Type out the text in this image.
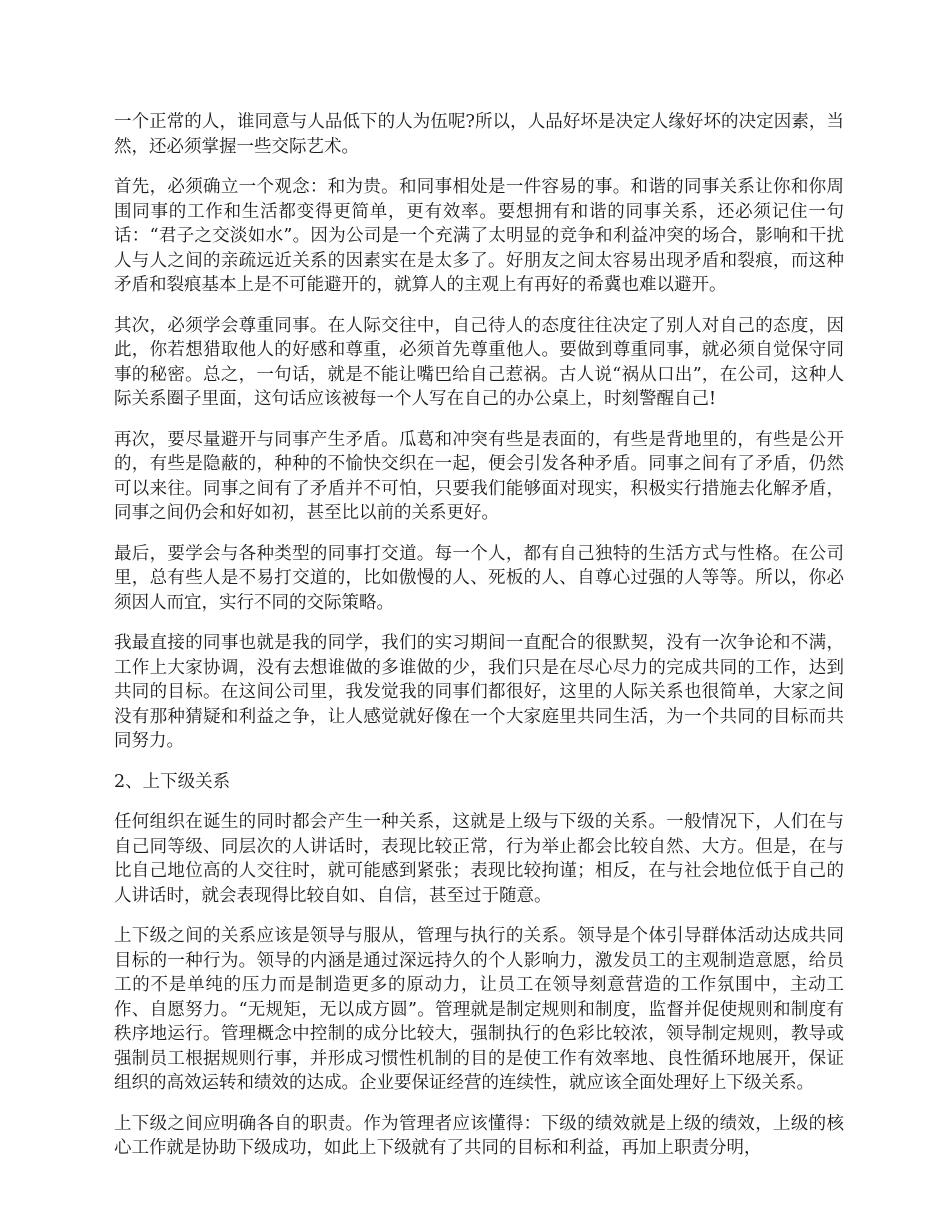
一个正常的人，谁同意与人品低下的人为伍呢?所以，人品好坏是决定人缘好坏的决定因素，当然，还必须掌握一些交际艺术。

首先，必须确立一个观念：和为贵。和同事相处是一件容易的事。和谐的同事关系让你和你周围同事的工作和生活都变得更简单，更有效率。要想拥有和谐的同事关系，还必须记住一句话：“君子之交淡如水”。因为公司是一个充满了太明显的竞争和利益冲突的场合，影响和干扰人与人之间的亲疏远近关系的因素实在是太多了。好朋友之间太容易出现矛盾和裂痕，而这种矛盾和裂痕基本上是不可能避开的，就算人的主观上有再好的希冀也难以避开。

其次，必须学会尊重同事。在人际交往中，自己待人的态度往往决定了别人对自己的态度，因此，你若想猎取他人的好感和尊重，必须首先尊重他人。要做到尊重同事，就必须自觉保守同事的秘密。总之，一句话，就是不能让嘴巴给自己惹祸。古人说“祸从口出”，在公司，这种人际关系圈子里面，这句话应该被每一个人写在自己的办公桌上，时刻警醒自己!

再次，要尽量避开与同事产生矛盾。瓜葛和冲突有些是表面的，有些是背地里的，有些是公开的，有些是隐蔽的，种种的不愉快交织在一起，便会引发各种矛盾。同事之间有了矛盾，仍然可以来往。同事之间有了矛盾并不可怕，只要我们能够面对现实，积极实行措施去化解矛盾，同事之间仍会和好如初，甚至比以前的关系更好。

最后，要学会与各种类型的同事打交道。每一个人，都有自己独特的生活方式与性格。在公司里，总有些人是不易打交道的，比如傲慢的人、死板的人、自尊心过强的人等等。所以，你必须因人而宜，实行不同的交际策略。

我最直接的同事也就是我的同学，我们的实习期间一直配合的很默契，没有一次争论和不满，工作上大家协调，没有去想谁做的多谁做的少，我们只是在尽心尽力的完成共同的工作，达到共同的目标。在这间公司里，我发觉我的同事们都很好，这里的人际关系也很简单，大家之间没有那种猜疑和利益之争，让人感觉就好像在一个大家庭里共同生活，为一个共同的目标而共同努力。

2、上下级关系

任何组织在诞生的同时都会产生一种关系，这就是上级与下级的关系。一般情况下，人们在与自己同等级、同层次的人讲话时，表现比较正常，行为举止都会比较自然、大方。但是，在与比自己地位高的人交往时，就可能感到紧张；表现比较拘谨；相反，在与社会地位低于自己的人讲话时，就会表现得比较自如、自信，甚至过于随意。

上下级之间的关系应该是领导与服从，管理与执行的关系。领导是个体引导群体活动达成共同目标的一种行为。领导的内涵是通过深远持久的个人影响力，激发员工的主观制造意愿，给员工的不是单纯的压力而是制造更多的原动力，让员工在领导刻意营造的工作氛围中，主动工作、自愿努力。“无规矩，无以成方圆”。管理就是制定规则和制度，监督并促使规则和制度有秩序地运行。管理概念中控制的成分比较大，强制执行的色彩比较浓，领导制定规则，教导或强制员工根据规则行事，并形成习惯性机制的目的是使工作有效率地、良性循环地展开，保证组织的高效运转和绩效的达成。企业要保证经营的连续性，就应该全面处理好上下级关系。

上下级之间应明确各自的职责。作为管理者应该懂得：下级的绩效就是上级的绩效，上级的核心工作就是协助下级成功，如此上下级就有了共同的目标和利益，再加上职责分明，
